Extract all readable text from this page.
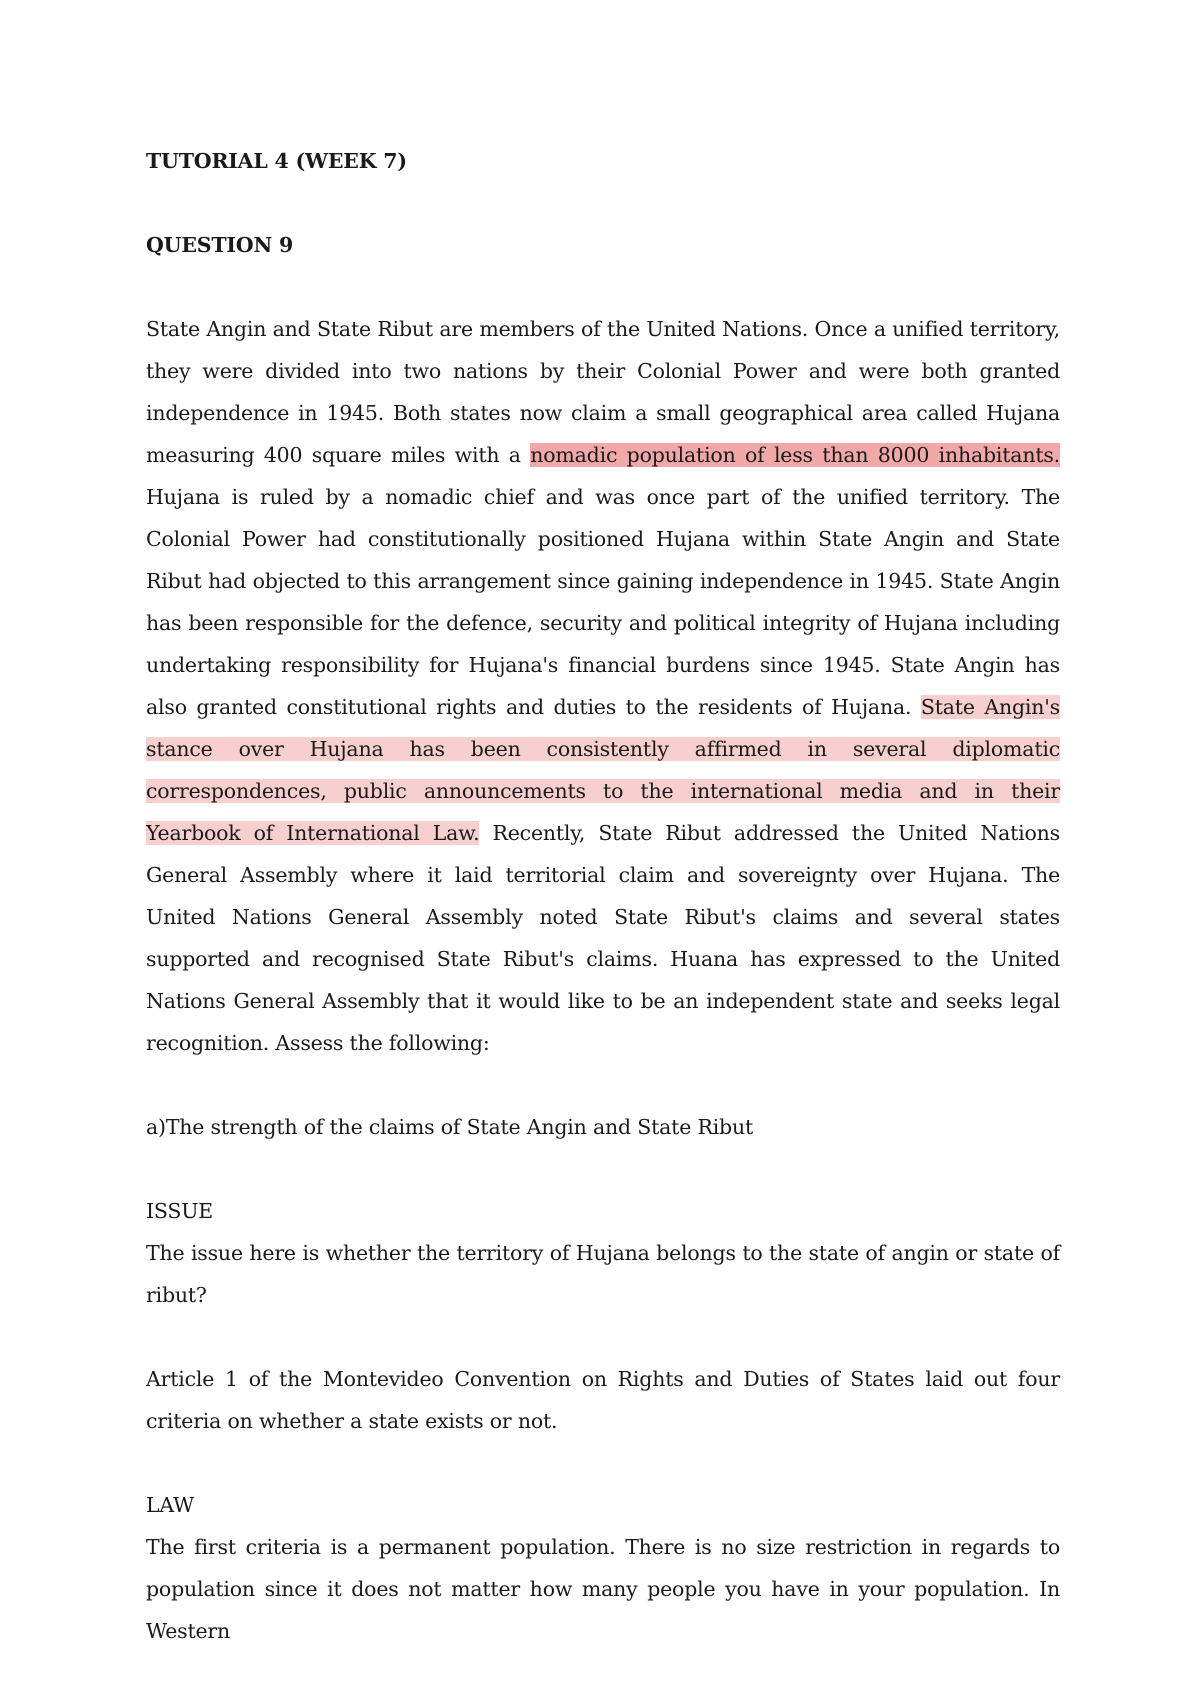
TUTORIAL 4 (WEEK 7)

QUESTION 9

State Angin and State Ribut are members of the United Nations. Once a unified territory, they were divided into two nations by their Colonial Power and were both granted independence in 1945. Both states now claim a small geographical area called Hujana measuring 400 square miles with a nomadic population of less than 8000 inhabitants. Hujana is ruled by a nomadic chief and was once part of the unified territory. The Colonial Power had constitutionally positioned Hujana within State Angin and State Ribut had objected to this arrangement since gaining independence in 1945. State Angin has been responsible for the defence, security and political integrity of Hujana including undertaking responsibility for Hujana's financial burdens since 1945. State Angin has also granted constitutional rights and duties to the residents of Hujana. State Angin's stance over Hujana has been consistently affirmed in several diplomatic correspondences, public announcements to the international media and in their Yearbook of International Law. Recently, State Ribut addressed the United Nations General Assembly where it laid territorial claim and sovereignty over Hujana. The United Nations General Assembly noted State Ribut's claims and several states supported and recognised State Ribut's claims. Huana has expressed to the United Nations General Assembly that it would like to be an independent state and seeks legal recognition. Assess the following:

a)The strength of the claims of State Angin and State Ribut

ISSUE

The issue here is whether the territory of Hujana belongs to the state of angin or state of ribut?

Article 1 of the Montevideo Convention on Rights and Duties of States laid out four criteria on whether a state exists or not.

LAW

The first criteria is a permanent population. There is no size restriction in regards to population since it does not matter how many people you have in your population. In Western
